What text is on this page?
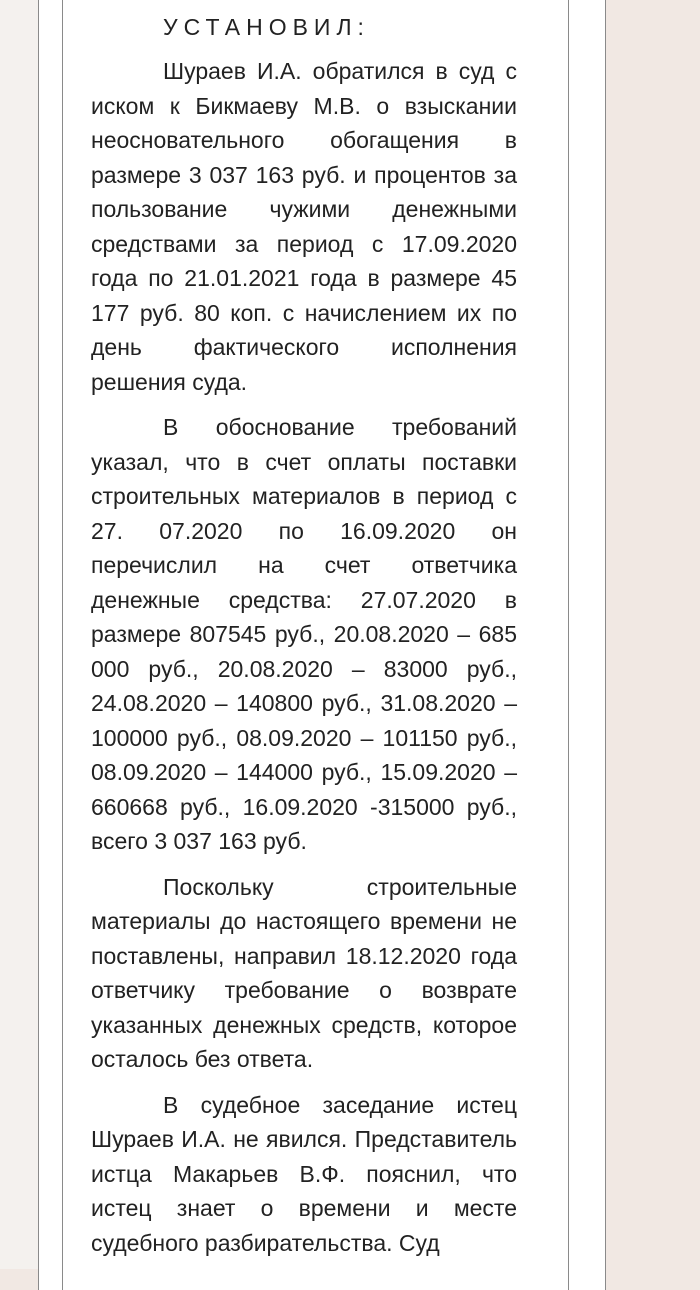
УСТАНОВИЛ:

Шураев И.А. обратился в суд с иском к Бикмаеву М.В. о взыскании неосновательного обогащения в размере 3 037 163 руб. и процентов за пользование чужими денежными средствами за период с 17.09.2020 года по 21.01.2021 года в размере 45 177 руб. 80 коп. с начислением их по день фактического исполнения решения суда.

В обоснование требований указал, что в счет оплаты поставки строительных материалов в период с 27. 07.2020 по 16.09.2020 он перечислил на счет ответчика денежные средства: 27.07.2020 в размере 807545 руб., 20.08.2020 – 685 000 руб., 20.08.2020 – 83000 руб., 24.08.2020 – 140800 руб., 31.08.2020 – 100000 руб., 08.09.2020 – 101150 руб., 08.09.2020 – 144000 руб., 15.09.2020 – 660668 руб., 16.09.2020 -315000 руб., всего 3 037 163 руб.

Поскольку строительные материалы до настоящего времени не поставлены, направил 18.12.2020 года ответчику требование о возврате указанных денежных средств, которое осталось без ответа.

В судебное заседание истец Шураев И.А. не явился. Представитель истца Макарьев В.Ф. пояснил, что истец знает о времени и месте судебного разбирательства. Суд
